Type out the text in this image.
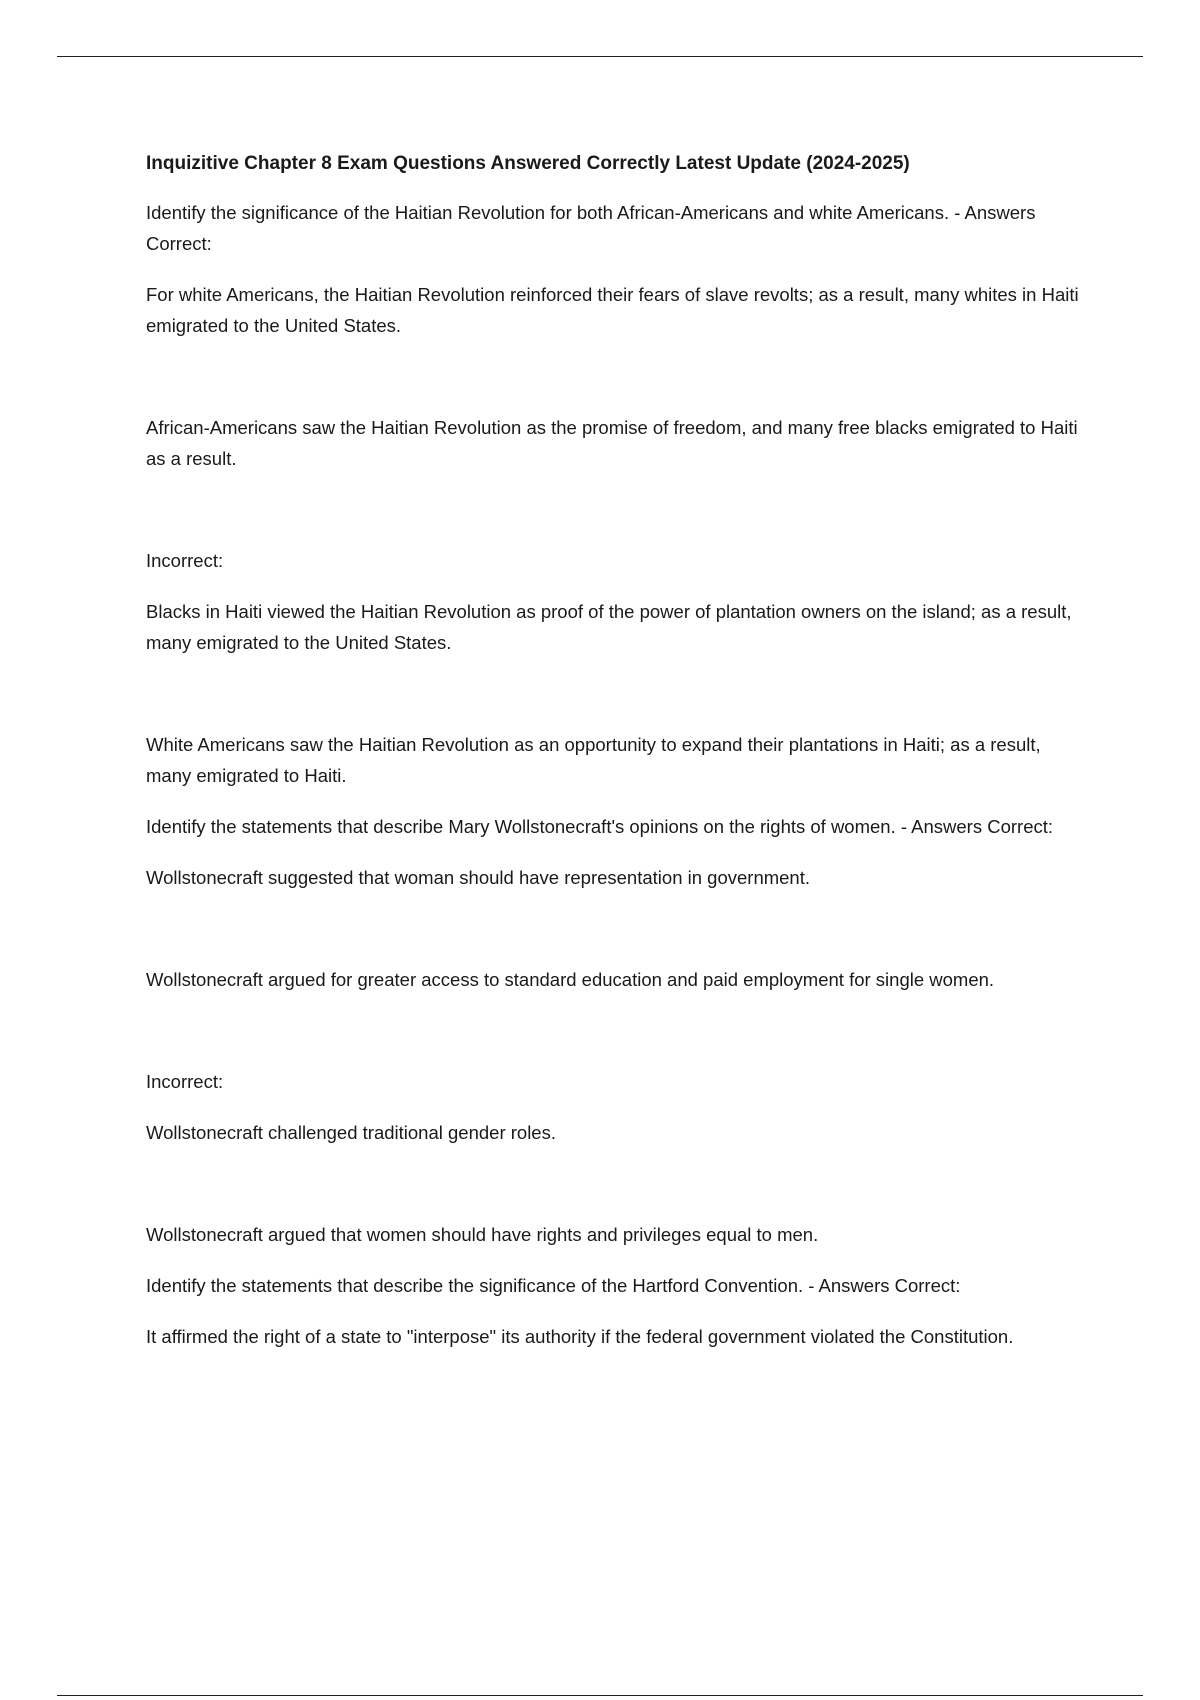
Inquizitive Chapter 8 Exam Questions Answered Correctly Latest Update (2024-2025)

Identify the significance of the Haitian Revolution for both African-Americans and white Americans. - Answers Correct:

For white Americans, the Haitian Revolution reinforced their fears of slave revolts; as a result, many whites in Haiti emigrated to the United States.

African-Americans saw the Haitian Revolution as the promise of freedom, and many free blacks emigrated to Haiti as a result.

Incorrect:

Blacks in Haiti viewed the Haitian Revolution as proof of the power of plantation owners on the island; as a result, many emigrated to the United States.

White Americans saw the Haitian Revolution as an opportunity to expand their plantations in Haiti; as a result, many emigrated to Haiti.

Identify the statements that describe Mary Wollstonecraft's opinions on the rights of women. - Answers Correct:

Wollstonecraft suggested that woman should have representation in government.

Wollstonecraft argued for greater access to standard education and paid employment for single women.

Incorrect:

Wollstonecraft challenged traditional gender roles.

Wollstonecraft argued that women should have rights and privileges equal to men.

Identify the statements that describe the significance of the Hartford Convention. - Answers Correct:

It affirmed the right of a state to "interpose" its authority if the federal government violated the Constitution.
